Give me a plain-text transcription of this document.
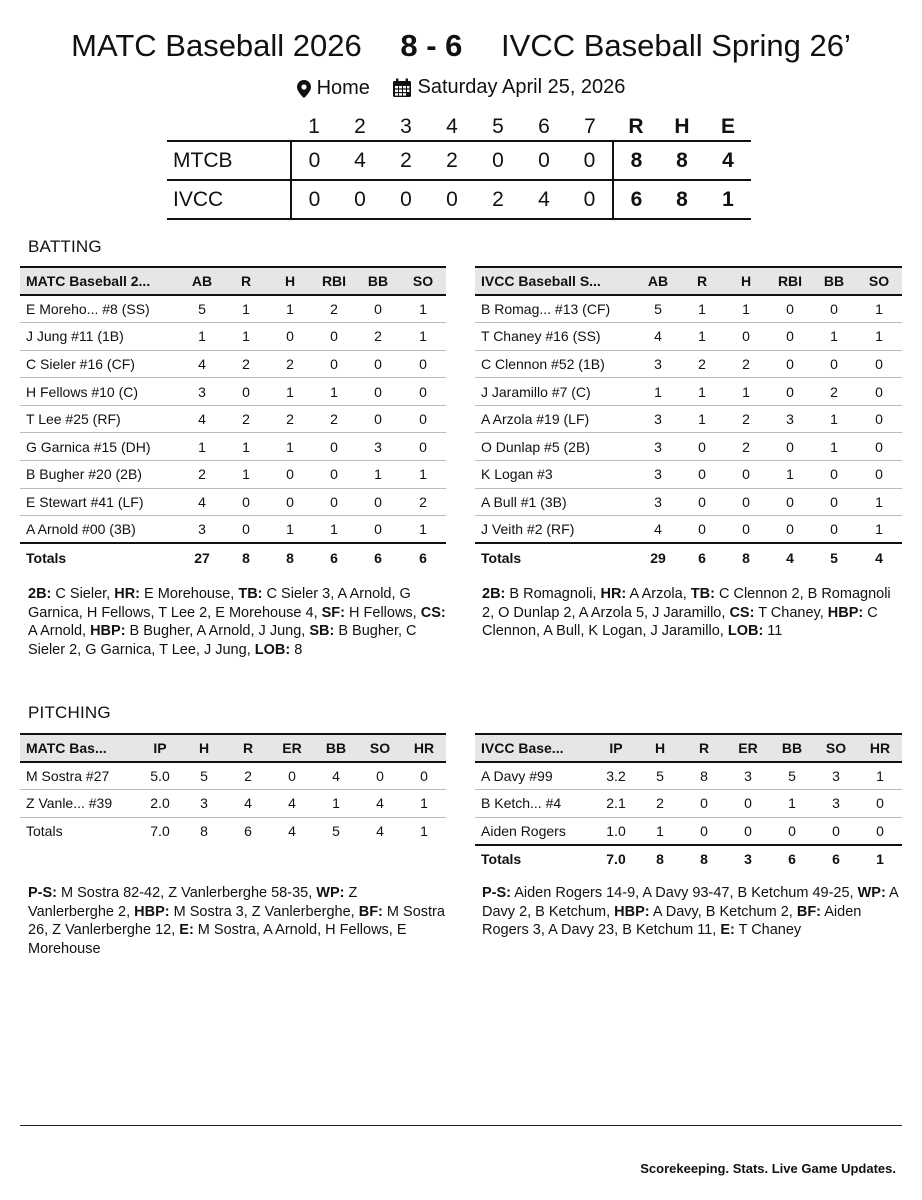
MATC Baseball 2026 8 - 6 IVCC Baseball Spring 26’
Home
Saturday April 25, 2026
	1	2	3	4	5	6	7	R	H	E
MTCB	0	4	2	2	0	0	0	8	8	4
IVCC	0	0	0	0	2	4	0	6	8	1
BATTING
MATC Baseball 2...	AB	R	H	RBI	BB	SO
E Moreho... #8 (SS)	5	1	1	2	0	1
J Jung #11 (1B)	1	1	0	0	2	1
C Sieler #16 (CF)	4	2	2	0	0	0
H Fellows #10 (C)	3	0	1	1	0	0
T Lee #25 (RF)	4	2	2	2	0	0
G Garnica #15 (DH)	1	1	1	0	3	0
B Bugher #20 (2B)	2	1	0	0	1	1
E Stewart #41 (LF)	4	0	0	0	0	2
A Arnold #00 (3B)	3	0	1	1	0	1
Totals	27	8	8	6	6	6
IVCC Baseball S...	AB	R	H	RBI	BB	SO
B Romag... #13 (CF)	5	1	1	0	0	1
T Chaney #16 (SS)	4	1	0	0	1	1
C Clennon #52 (1B)	3	2	2	0	0	0
J Jaramillo #7 (C)	1	1	1	0	2	0
A Arzola #19 (LF)	3	1	2	3	1	0
O Dunlap #5 (2B)	3	0	2	0	1	0
K Logan #3	3	0	0	1	0	0
A Bull #1 (3B)	3	0	0	0	0	1
J Veith #2 (RF)	4	0	0	0	0	1
Totals	29	6	8	4	5	4
2B: C Sieler, HR: E Morehouse, TB: C Sieler 3, A Arnold, G Garnica, H Fellows, T Lee 2, E Morehouse 4, SF: H Fellows, CS: A Arnold, HBP: B Bugher, A Arnold, J Jung, SB: B Bugher, C Sieler 2, G Garnica, T Lee, J Jung, LOB: 8
2B: B Romagnoli, HR: A Arzola, TB: C Clennon 2, B Romagnoli 2, O Dunlap 2, A Arzola 5, J Jaramillo, CS: T Chaney, HBP: C Clennon, A Bull, K Logan, J Jaramillo, LOB: 11
PITCHING
MATC Bas...	IP	H	R	ER	BB	SO	HR
M Sostra #27	5.0	5	2	0	4	0	0
Z Vanle... #39	2.0	3	4	4	1	4	1
Totals	7.0	8	6	4	5	4	1
IVCC Base...	IP	H	R	ER	BB	SO	HR
A Davy #99	3.2	5	8	3	5	3	1
B Ketch... #4	2.1	2	0	0	1	3	0
Aiden Rogers	1.0	1	0	0	0	0	0
Totals	7.0	8	8	3	6	6	1
P-S: M Sostra 82-42, Z Vanlerberghe 58-35, WP: Z Vanlerberghe 2, HBP: M Sostra 3, Z Vanlerberghe, BF: M Sostra 26, Z Vanlerberghe 12, E: M Sostra, A Arnold, H Fellows, E Morehouse
P-S: Aiden Rogers 14-9, A Davy 93-47, B Ketchum 49-25, WP: A Davy 2, B Ketchum, HBP: A Davy, B Ketchum 2, BF: Aiden Rogers 3, A Davy 23, B Ketchum 11, E: T Chaney
Scorekeeping. Stats. Live Game Updates.
